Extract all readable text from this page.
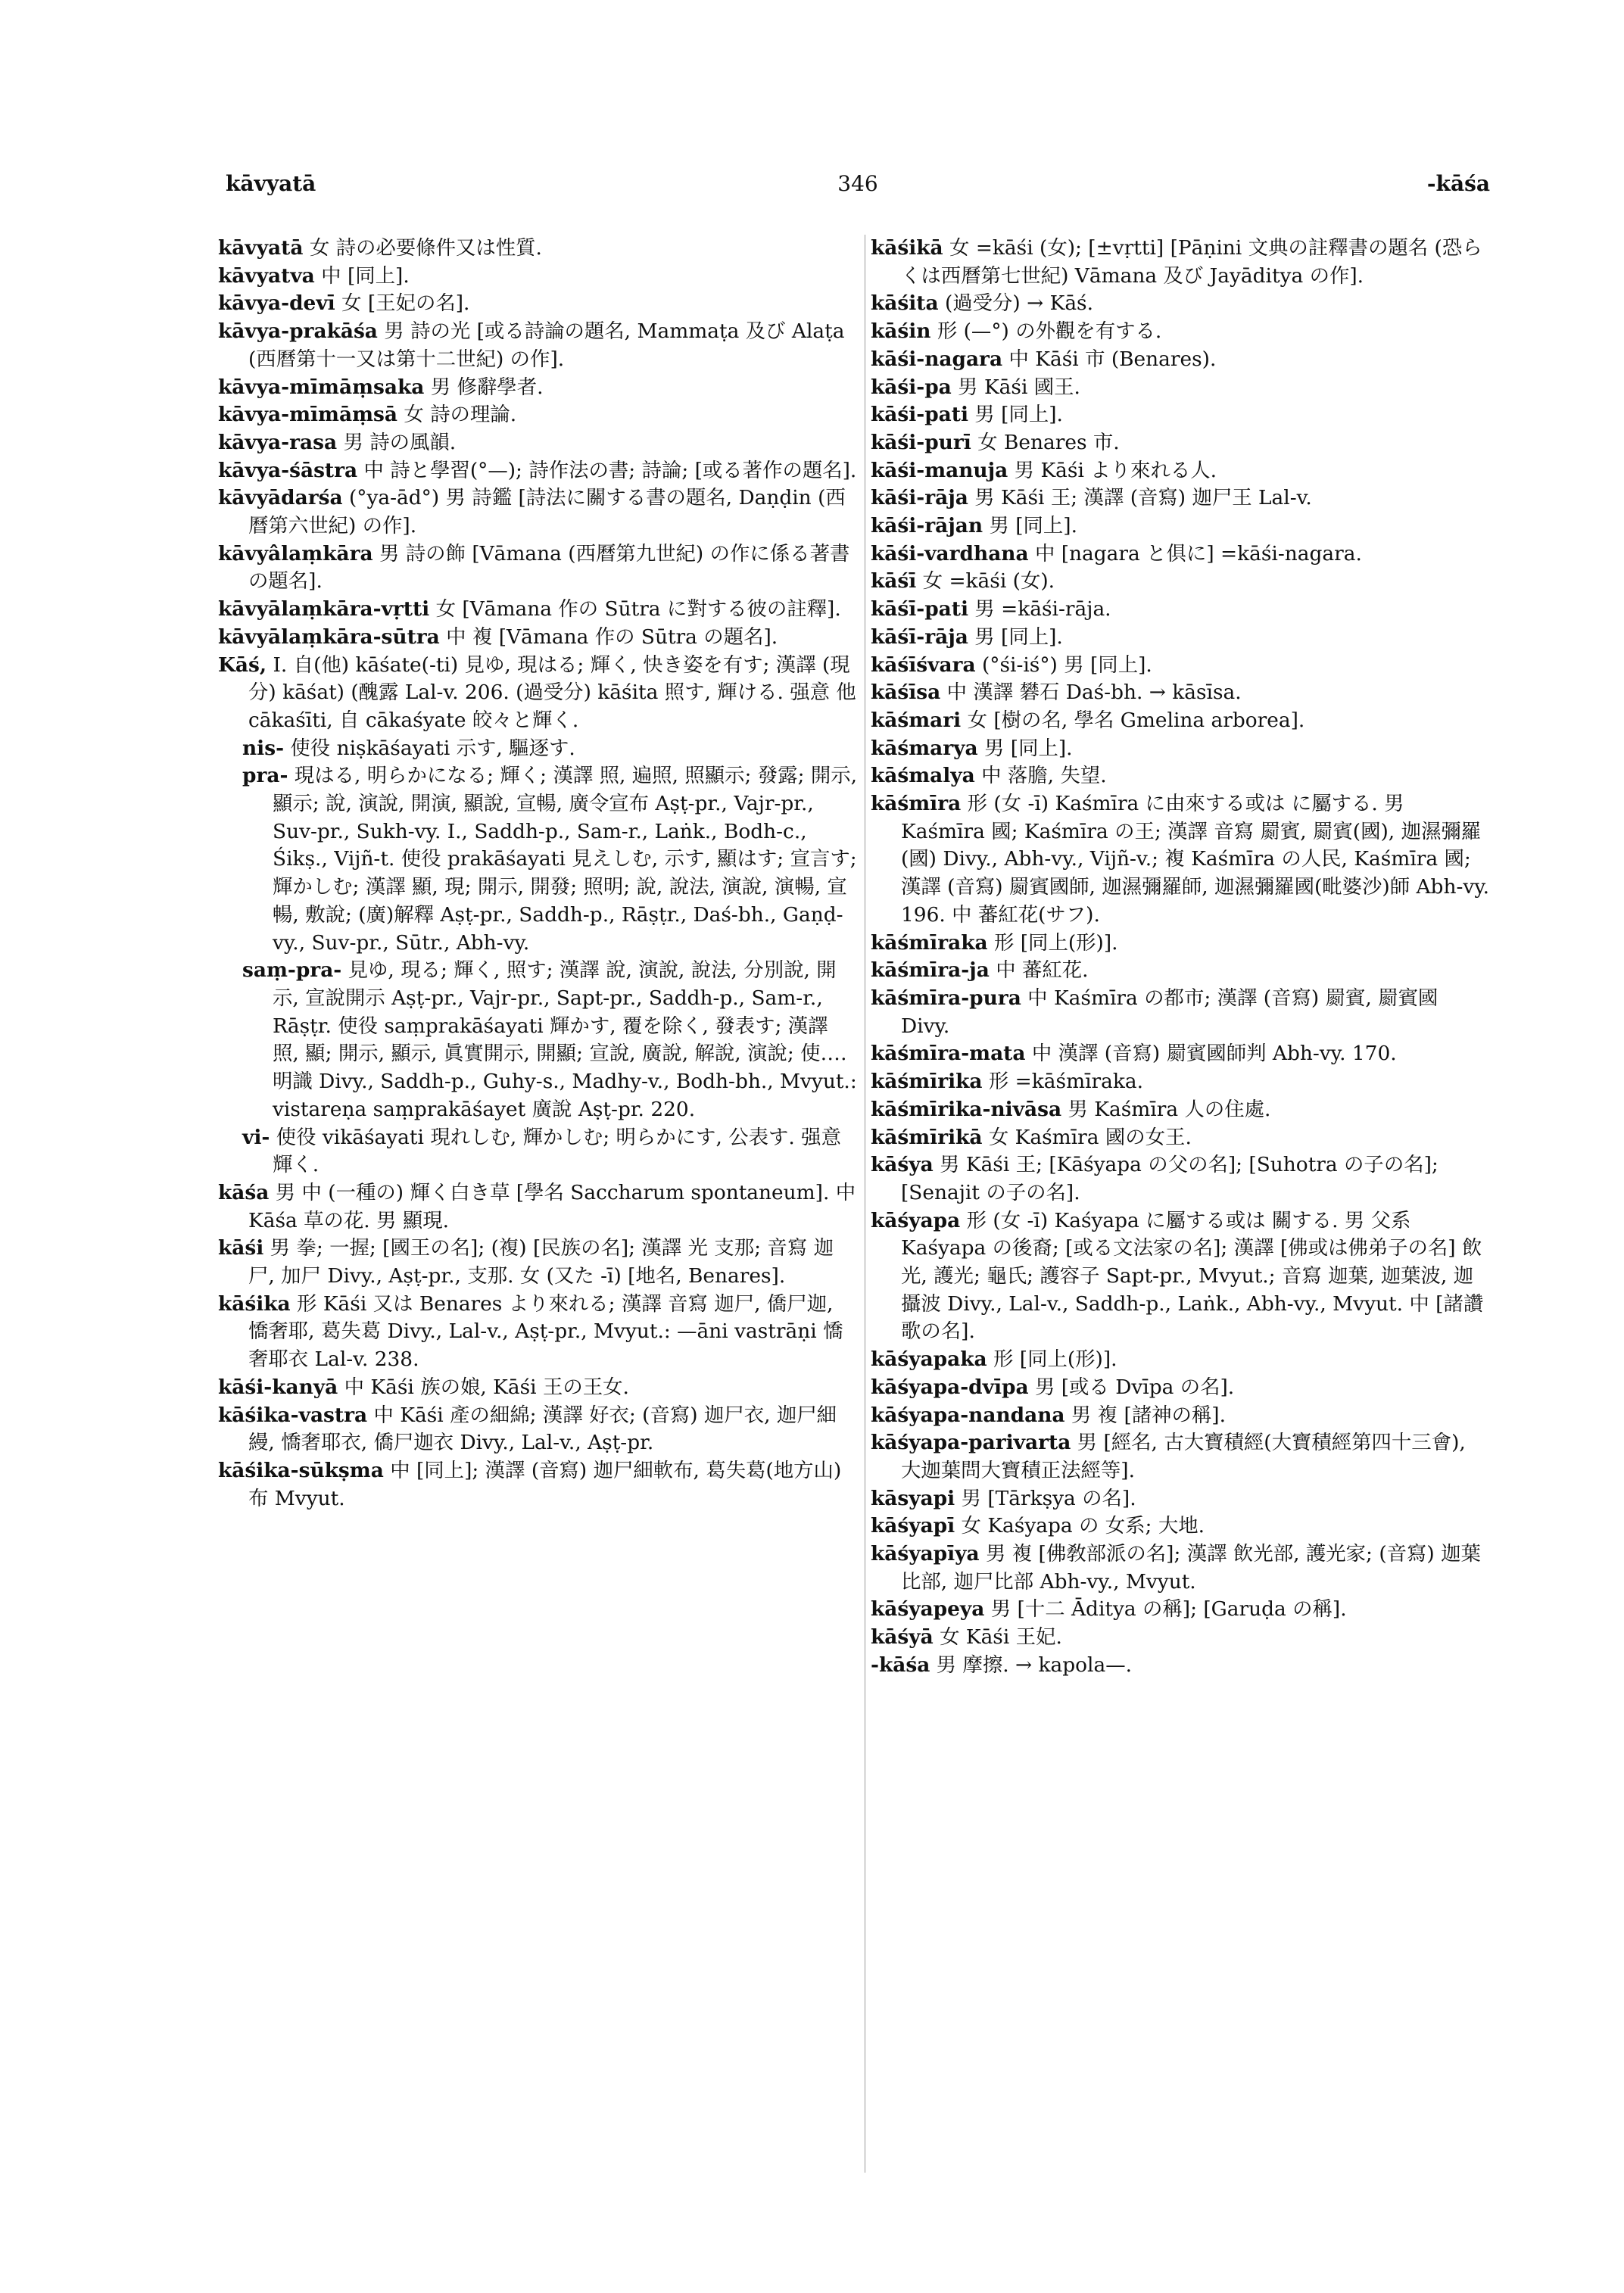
kāvyatā	346	-kāśa

kāvyatā 女 詩の必要條件又は性質.

kāvyatva 中 [同上].

kāvya-devī 女 [王妃の名].

kāvya-prakāśa 男 詩の光 [或る詩論の題名, Mammaṭa 及び Alaṭa (西曆第十一又は第十二世紀) の作].

kāvya-mīmāṃsaka 男 修辭學者.

kāvya-mīmāṃsā 女 詩の理論.

kāvya-rasa 男 詩の風韻.

kāvya-śāstra 中 詩と學習(°—); 詩作法の書; 詩論; [或る著作の題名].

kāvyādarśa (°ya-ād°) 男 詩鑑 [詩法に關する書の題名, Daṇḍin (西曆第六世紀) の作].

kāvyâlaṃkāra 男 詩の飾 [Vāmana (西曆第九世紀) の作に係る著書の題名].

kāvyālaṃkāra-vṛtti 女 [Vāmana 作の Sūtra に對する彼の註釋].

kāvyālaṃkāra-sūtra 中 複 [Vāmana 作の Sūtra の題名].

Kāś, I. 自(他) kāśate(-ti) 見ゆ, 現はる; 輝く, 快き姿を有す; 漢譯 (現分) kāśat) (醜露 Lal-v. 206. (過受分) kāśita 照す, 輝ける. 强意 他 cākaśīti, 自 cākaśyate 皎々と輝く.

nis- 使役 niṣkāśayati 示す, 驅逐す.

pra- 現はる, 明らかになる; 輝く; 漢譯 照, 遍照, 照顯示; 發露; 開示, 顯示; 說, 演說, 開演, 顯說, 宣暢, 廣令宣布 Aṣṭ-pr., Vajr-pr., Suv-pr., Sukh-vy. I., Saddh-p., Sam-r., Laṅk., Bodh-c., Śikṣ., Vijñ-t. 使役 prakāśayati 見えしむ, 示す, 顯はす; 宣言す; 輝かしむ; 漢譯 顯, 現; 開示, 開發; 照明; 說, 說法, 演說, 演暢, 宣暢, 敷說; (廣)解釋 Aṣṭ-pr., Saddh-p., Rāṣṭr., Daś-bh., Gaṇḍ-vy., Suv-pr., Sūtr., Abh-vy.

saṃ-pra- 見ゆ, 現る; 輝く, 照す; 漢譯 說, 演說, 說法, 分別說, 開示, 宣說開示 Aṣṭ-pr., Vajr-pr., Sapt-pr., Saddh-p., Sam-r., Rāṣṭr. 使役 saṃprakāśayati 輝かす, 覆を除く, 發表す; 漢譯 照, 顯; 開示, 顯示, 眞實開示, 開顯; 宣說, 廣說, 解說, 演說; 使‥‥明識 Divy., Saddh-p., Guhy-s., Madhy-v., Bodh-bh., Mvyut.: vistareṇa saṃprakāśayet 廣說 Aṣṭ-pr. 220.

vi- 使役 vikāśayati 現れしむ, 輝かしむ; 明らかにす, 公表す. 强意 輝く.

kāśa 男 中 (一種の) 輝く白き草 [學名 Saccharum spontaneum]. 中 Kāśa 草の花. 男 顯現.

kāśi 男 拳; 一握; [國王の名]; (複) [民族の名]; 漢譯 光 支那; 音寫 迦尸, 加尸 Divy., Aṣṭ-pr., 支那. 女 (又た -ī) [地名, Benares].

kāśika 形 Kāśi 又は Benares より來れる; 漢譯 音寫 迦尸, 僑尸迦, 憍奢耶, 葛失葛 Divy., Lal-v., Aṣṭ-pr., Mvyut.: —āni vastrāṇi 憍奢耶衣 Lal-v. 238.

kāśi-kanyā 中 Kāśi 族の娘, Kāśi 王の王女.

kāśika-vastra 中 Kāśi 產の細綿; 漢譯 好衣; (音寫) 迦尸衣, 迦尸細縵, 憍奢耶衣, 僑尸迦衣 Divy., Lal-v., Aṣṭ-pr.

kāśika-sūkṣma 中 [同上]; 漢譯 (音寫) 迦尸細軟布, 葛失葛(地方山)布 Mvyut.

kāśikā 女 =kāśi (女); [±vṛtti] [Pāṇini 文典の註釋書の題名 (恐らくは西曆第七世紀) Vāmana 及び Jayāditya の作].

kāśita (過受分) → Kāś.

kāśin 形 (—°) の外觀を有する.

kāśi-nagara 中 Kāśi 市 (Benares).

kāśi-pa 男 Kāśi 國王.

kāśi-pati 男 [同上].

kāśi-purī 女 Benares 市.

kāśi-manuja 男 Kāśi より來れる人.

kāśi-rāja 男 Kāśi 王; 漢譯 (音寫) 迦尸王 Lal-v.

kāśi-rājan 男 [同上].

kāśi-vardhana 中 [nagara と俱に] =kāśi-nagara.

kāśī 女 =kāśi (女).

kāśī-pati 男 =kāśi-rāja.

kāśī-rāja 男 [同上].

kāśīśvara (°śi-iś°) 男 [同上].

kāśīsa 中 漢譯 礬石 Daś-bh. → kāsīsa.

kāśmari 女 [樹の名, 學名 Gmelina arborea].

kāśmarya 男 [同上].

kāśmalya 中 落膽, 失望.

kāśmīra 形 (女 -ī) Kaśmīra に由來する或は に屬する. 男 Kaśmīra 國; Kaśmīra の王; 漢譯 音寫 罽賓, 罽賓(國), 迦濕彌羅(國) Divy., Abh-vy., Vijñ-v.; 複 Kaśmīra の人民, Kaśmīra 國; 漢譯 (音寫) 罽賓國師, 迦濕彌羅師, 迦濕彌羅國(毗婆沙)師 Abh-vy. 196. 中 蕃紅花(サフ).

kāśmīraka 形 [同上(形)].

kāśmīra-ja 中 蕃紅花.

kāśmīra-pura 中 Kaśmīra の都市; 漢譯 (音寫) 罽賓, 罽賓國 Divy.

kāśmīra-mata 中 漢譯 (音寫) 罽賓國師判 Abh-vy. 170.

kāśmīrika 形 =kāśmīraka.

kāśmīrika-nivāsa 男 Kaśmīra 人の住處.

kāśmīrikā 女 Kaśmīra 國の女王.

kāśya 男 Kāśi 王; [Kāśyapa の父の名]; [Suhotra の子の名]; [Senajit の子の名].

kāśyapa 形 (女 -ī) Kaśyapa に屬する或は 關する. 男 父系 Kaśyapa の後裔; [或る文法家の名]; 漢譯 [佛或は佛弟子の名] 飲光, 護光; 龜氏; 護容子 Sapt-pr., Mvyut.; 音寫 迦葉, 迦葉波, 迦攝波 Divy., Lal-v., Saddh-p., Laṅk., Abh-vy., Mvyut. 中 [諸讚歌の名].

kāśyapaka 形 [同上(形)].

kāśyapa-dvīpa 男 [或る Dvīpa の名].

kāśyapa-nandana 男 複 [諸神の稱].

kāśyapa-parivarta 男 [經名, 古大寶積經(大寶積經第四十三會), 大迦葉問大寶積正法經等].

kāsyapi 男 [Tārkṣya の名].

kāśyapī 女 Kaśyapa の 女系; 大地.

kāśyapīya 男 複 [佛敎部派の名]; 漢譯 飲光部, 護光家; (音寫) 迦葉比部, 迦尸比部 Abh-vy., Mvyut.

kāśyapeya 男 [十二 Āditya の稱]; [Garuḍa の稱].

kāśyā 女 Kāśi 王妃.

-kāśa 男 摩擦. → kapola—.
